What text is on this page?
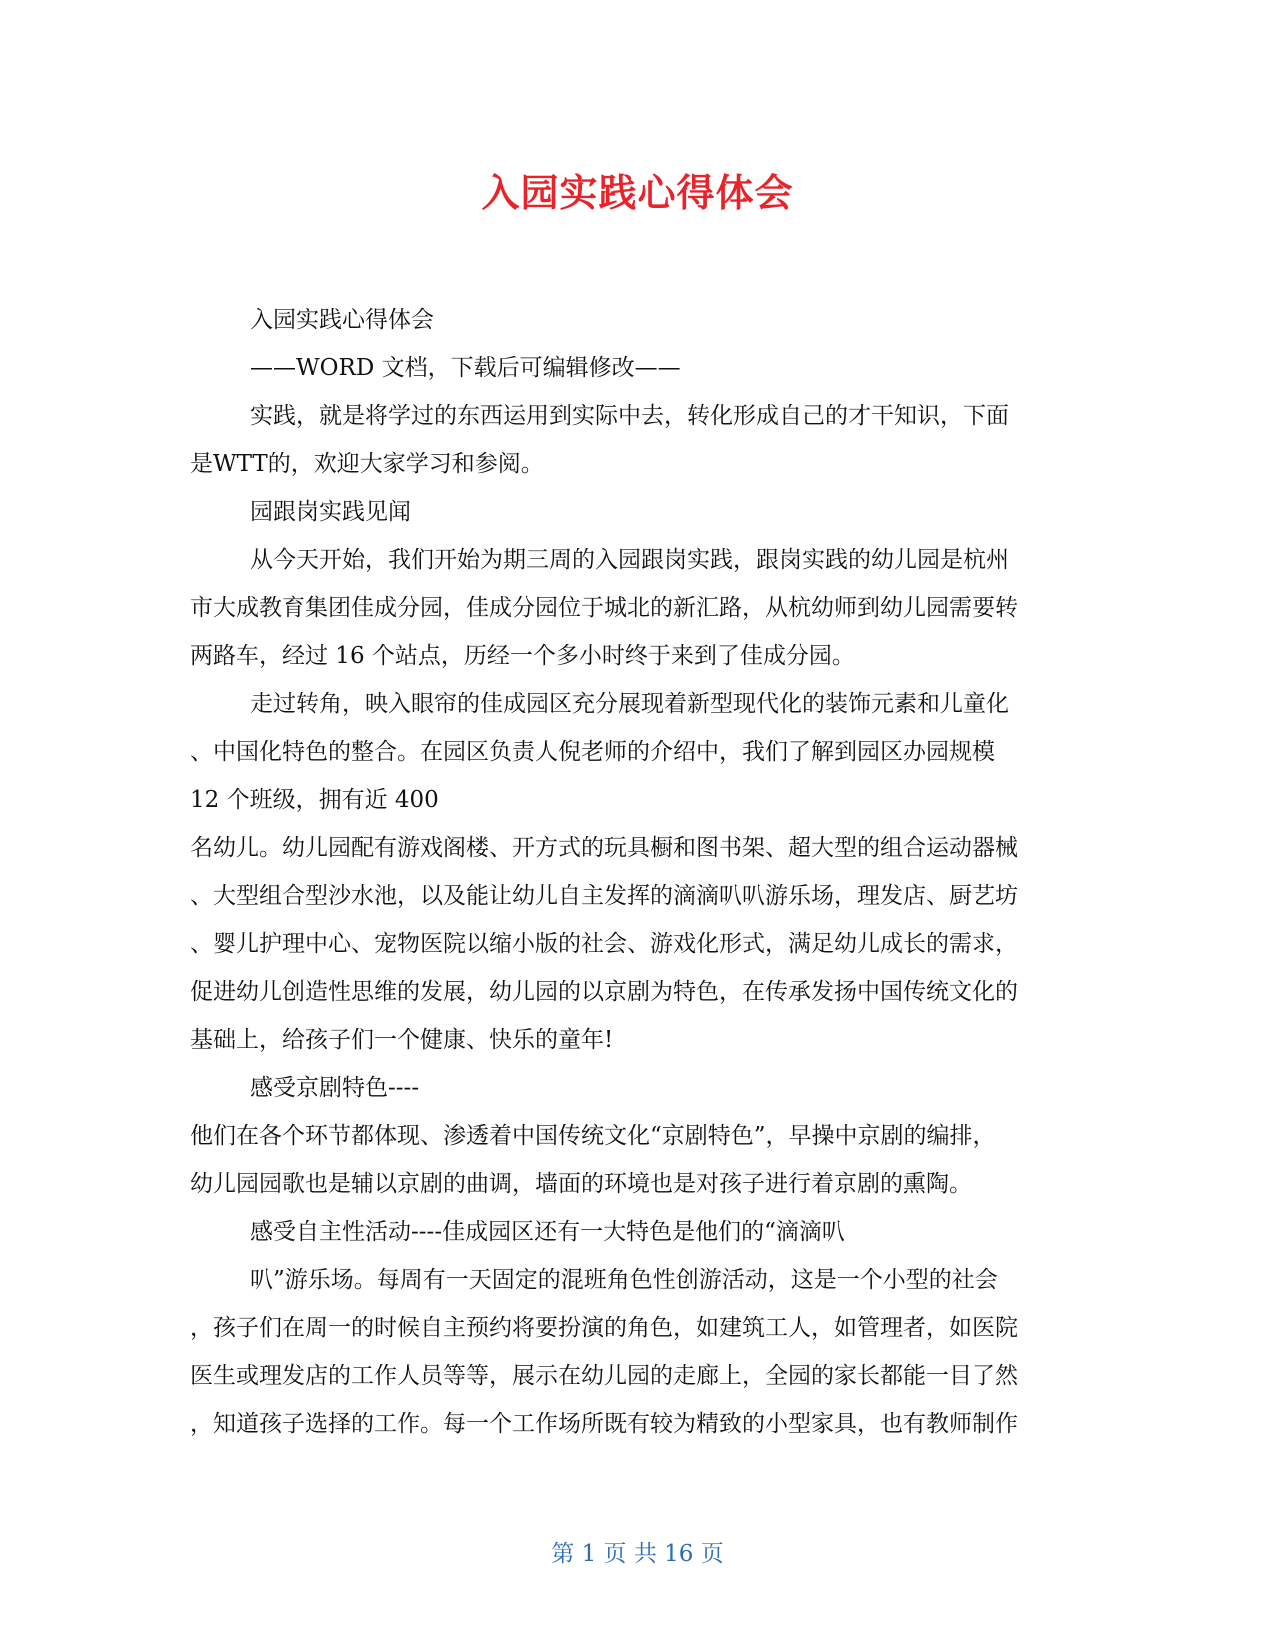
入园实践心得体会

入园实践心得体会

——WORD 文档，下载后可编辑修改——

实践，就是将学过的东西运用到实际中去，转化形成自己的才干知识，下面

是WTT的，欢迎大家学习和参阅。

园跟岗实践见闻

从今天开始，我们开始为期三周的入园跟岗实践，跟岗实践的幼儿园是杭州

市大成教育集团佳成分园，佳成分园位于城北的新汇路，从杭幼师到幼儿园需要转

两路车，经过 16 个站点，历经一个多小时终于来到了佳成分园。

走过转角，映入眼帘的佳成园区充分展现着新型现代化的装饰元素和儿童化

、中国化特色的整合。在园区负责人倪老师的介绍中，我们了解到园区办园规模

12 个班级，拥有近 400

名幼儿。幼儿园配有游戏阁楼、开方式的玩具橱和图书架、超大型的组合运动器械

、大型组合型沙水池，以及能让幼儿自主发挥的滴滴叭叭游乐场，理发店、厨艺坊

、婴儿护理中心、宠物医院以缩小版的社会、游戏化形式，满足幼儿成长的需求，

促进幼儿创造性思维的发展，幼儿园的以京剧为特色，在传承发扬中国传统文化的

基础上，给孩子们一个健康、快乐的童年!

感受京剧特色----

他们在各个环节都体现、渗透着中国传统文化“京剧特色”，早操中京剧的编排，

幼儿园园歌也是辅以京剧的曲调，墙面的环境也是对孩子进行着京剧的熏陶。

感受自主性活动----佳成园区还有一大特色是他们的“滴滴叭

叭”游乐场。每周有一天固定的混班角色性创游活动，这是一个小型的社会

，孩子们在周一的时候自主预约将要扮演的角色，如建筑工人，如管理者，如医院

医生或理发店的工作人员等等，展示在幼儿园的走廊上，全园的家长都能一目了然

，知道孩子选择的工作。每一个工作场所既有较为精致的小型家具，也有教师制作

第 1 页 共 16 页
